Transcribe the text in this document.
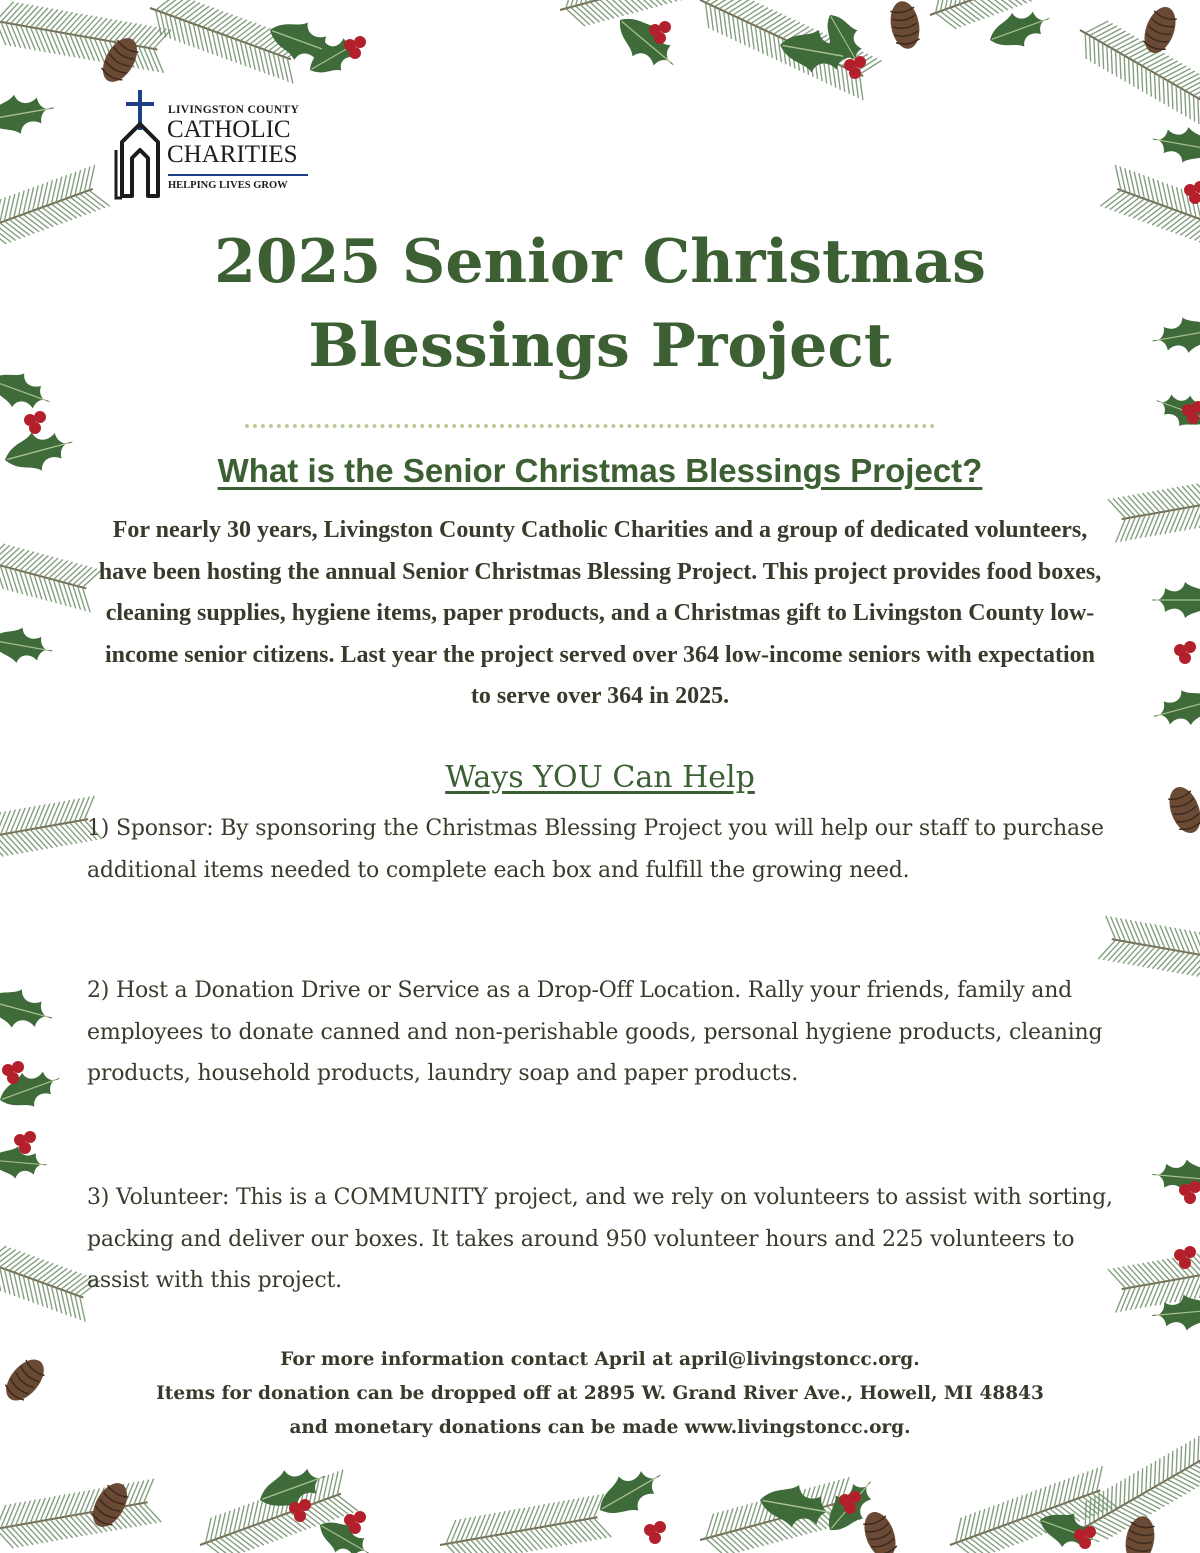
LIVINGSTON COUNTY
CATHOLIC
CHARITIES
HELPING LIVES GROW
2025 Senior Christmas
Blessings Project
What is the Senior Christmas Blessings Project?

For nearly 30 years, Livingston County Catholic Charities and a group of dedicated volunteers, have been hosting the annual Senior Christmas Blessing Project. This project provides food boxes, cleaning supplies, hygiene items, paper products, and a Christmas gift to Livingston County low-income senior citizens. Last year the project served over 364 low-income seniors with expectation to serve over 364 in 2025.

Ways YOU Can Help

1) Sponsor: By sponsoring the Christmas Blessing Project you will help our staff to purchase additional items needed to complete each box and fulfill the growing need.

2) Host a Donation Drive or Service as a Drop-Off Location. Rally your friends, family and employees to donate canned and non-perishable goods, personal hygiene products, cleaning products, household products, laundry soap and paper products.

3) Volunteer: This is a COMMUNITY project, and we rely on volunteers to assist with sorting, packing and deliver our boxes. It takes around 950 volunteer hours and 225 volunteers to assist with this project.

For more information contact April at april@livingstoncc.org.
Items for donation can be dropped off at 2895 W. Grand River Ave., Howell, MI 48843
and monetary donations can be made www.livingstoncc.org.
